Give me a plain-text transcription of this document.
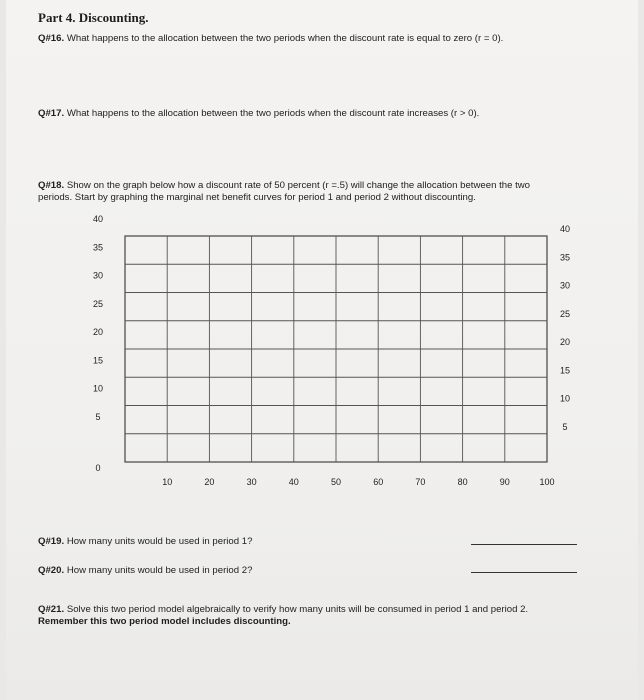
Part 4. Discounting.
Q#16. What happens to the allocation between the two periods when the discount rate is equal to zero (r = 0).
Q#17. What happens to the allocation between the two periods when the discount rate increases (r > 0).
Q#18. Show on the graph below how a discount rate of 50 percent (r =.5) will change the allocation between the two
periods. Start by graphing the marginal net benefit curves for period 1 and period 2 without discounting.
10	20	30	40	50	60	70	80	90	100
40
35
30
25
20
15
10
5
0
40
35
30
25
20
15
10
5
Q#19. How many units would be used in period 1?
Q#20. How many units would be used in period 2?
Q#21. Solve this two period model algebraically to verify how many units will be consumed in period 1 and period 2.
Remember this two period model includes discounting.
